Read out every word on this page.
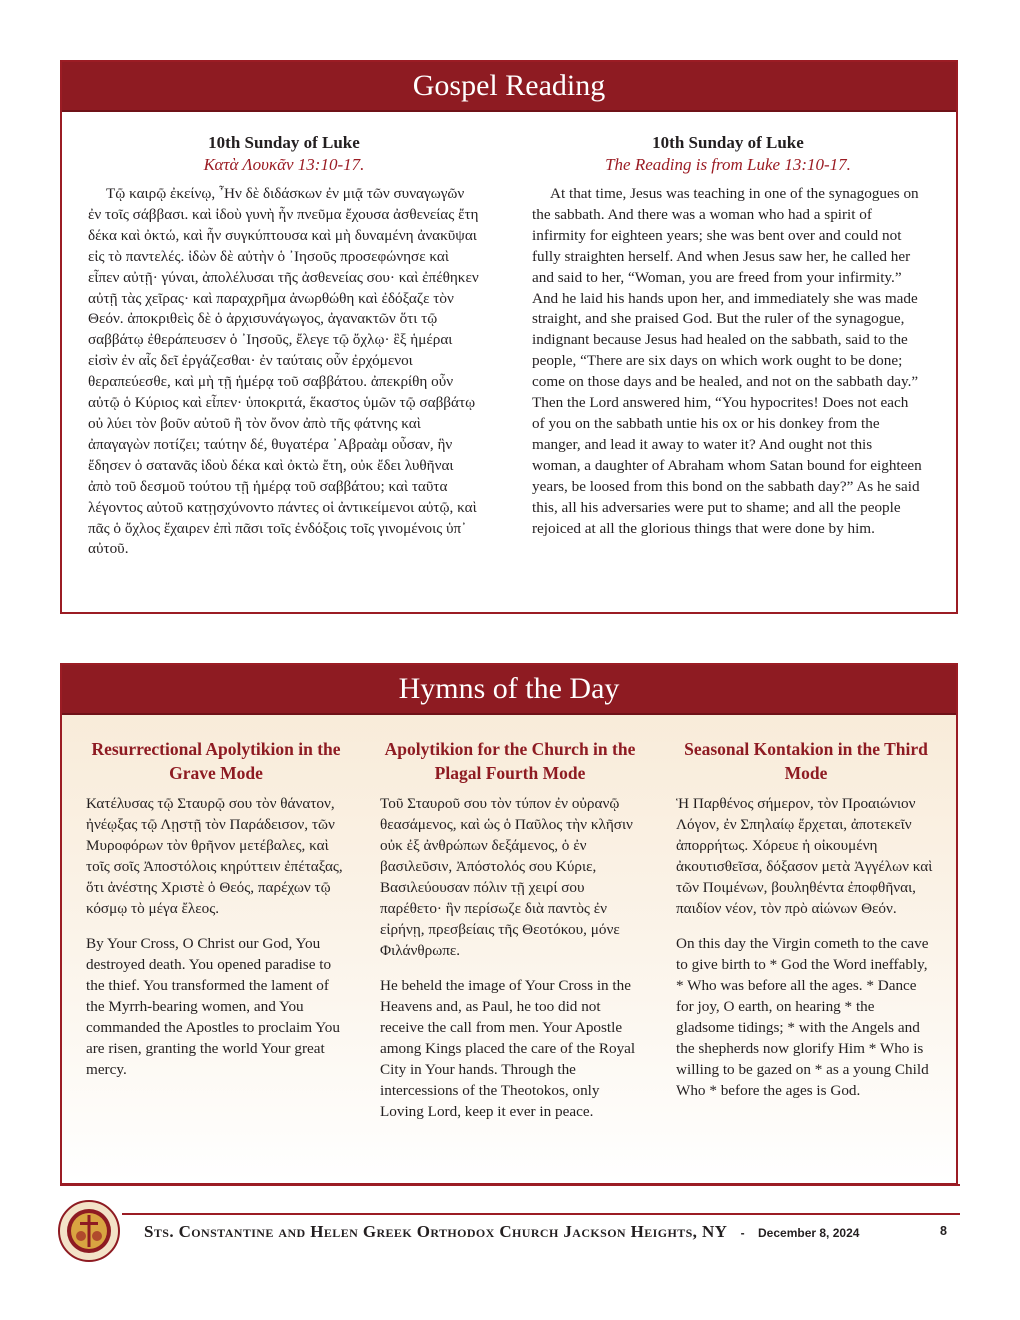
Gospel Reading
10th Sunday of Luke
Κατὰ Λουκᾶν 13:10-17.

Τῷ καιρῷ ἐκείνῳ, ῏Ην δὲ διδάσκων ἐν μιᾷ τῶν συναγωγῶν ἐν τοῖς σάββασι. καὶ ἰδοὺ γυνὴ ἦν πνεῦμα ἔχουσα ἀσθενείας ἔτη δέκα καὶ ὀκτώ, καὶ ἦν συγκύπτουσα καὶ μὴ δυναμένη ἀνακῦψαι εἰς τὸ παντελές. ἰδὼν δὲ αὐτὴν ὁ ᾿Ιησοῦς προσεφώνησε καὶ εἶπεν αὐτῇ· γύναι, ἀπολέλυσαι τῆς ἀσθενείας σου· καὶ ἐπέθηκεν αὐτῇ τὰς χεῖρας· καὶ παραχρῆμα ἀνωρθώθη καὶ ἐδόξαζε τὸν Θεόν. ἀποκριθεὶς δὲ ὁ ἀρχισυνάγωγος, ἀγανακτῶν ὅτι τῷ σαββάτῳ ἐθεράπευσεν ὁ ᾿Ιησοῦς, ἔλεγε τῷ ὄχλῳ· ἓξ ἡμέραι εἰσὶν ἐν αἷς δεῖ ἐργάζεσθαι· ἐν ταύταις οὖν ἐρχόμενοι θεραπεύεσθε, καὶ μὴ τῇ ἡμέρᾳ τοῦ σαββάτου. ἀπεκρίθη οὖν αὐτῷ ὁ Κύριος καὶ εἶπεν· ὑποκριτά, ἕκαστος ὑμῶν τῷ σαββάτῳ οὐ λύει τὸν βοῦν αὐτοῦ ἢ τὸν ὄνον ἀπὸ τῆς φάτνης καὶ ἀπαγαγὼν ποτίζει; ταύτην δέ, θυγατέρα ᾿Αβραὰμ οὖσαν, ἣν ἔδησεν ὁ σατανᾶς ἰδοὺ δέκα καὶ ὀκτὼ ἔτη, οὐκ ἔδει λυθῆναι ἀπὸ τοῦ δεσμοῦ τούτου τῇ ἡμέρᾳ τοῦ σαββάτου; καὶ ταῦτα λέγοντος αὐτοῦ κατῃσχύνοντο πάντες οἱ ἀντικείμενοι αὐτῷ, καὶ πᾶς ὁ ὄχλος ἔχαιρεν ἐπὶ πᾶσι τοῖς ἐνδόξοις τοῖς γινομένοις ὑπ᾿ αὐτοῦ.

10th Sunday of Luke
The Reading is from Luke 13:10-17.

At that time, Jesus was teaching in one of the synagogues on the sabbath. And there was a woman who had a spirit of infirmity for eighteen years; she was bent over and could not fully straighten herself. And when Jesus saw her, he called her and said to her, “Woman, you are freed from your infirmity.” And he laid his hands upon her, and immediately she was made straight, and she praised God. But the ruler of the synagogue, indignant because Jesus had healed on the sabbath, said to the people, “There are six days on which work ought to be done; come on those days and be healed, and not on the sabbath day.” Then the Lord answered him, “You hypocrites! Does not each of you on the sabbath untie his ox or his donkey from the manger, and lead it away to water it? And ought not this woman, a daughter of Abraham whom Satan bound for eighteen years, be loosed from this bond on the sabbath day?” As he said this, all his adversaries were put to shame; and all the people rejoiced at all the glorious things that were done by him.

Hymns of the Day
Resurrectional Apolytikion in the Grave Mode

Κατέλυσας τῷ Σταυρῷ σου τὸν θάνατον, ἠνέῳξας τῷ Λῃστῇ τὸν Παράδεισον, τῶν Μυροφόρων τὸν θρῆνον μετέβαλες, καὶ τοῖς σοῖς Ἀποστόλοις κηρύττειν ἐπέταξας, ὅτι ἀνέστης Χριστὲ ὁ Θεός, παρέχων τῷ κόσμῳ τὸ μέγα ἔλεος.

By Your Cross, O Christ our God, You destroyed death. You opened paradise to the thief. You transformed the lament of the Myrrh-bearing women, and You commanded the Apostles to proclaim You are risen, granting the world Your great mercy.

Apolytikion for the Church in the Plagal Fourth Mode

Τοῦ Σταυροῦ σου τὸν τύπον ἐν οὐρανῷ θεασάμενος, καὶ ὡς ὁ Παῦλος τὴν κλῆσιν οὐκ ἐξ ἀνθρώπων δεξάμενος, ὁ ἐν βασιλεῦσιν, Ἀπόστολός σου Κύριε, Βασιλεύουσαν πόλιν τῇ χειρί σου παρέθετο· ἣν περίσωζε διὰ παντὸς ἐν εἰρήνῃ, πρεσβείαις τῆς Θεοτόκου, μόνε Φιλάνθρωπε.

He beheld the image of Your Cross in the Heavens and, as Paul, he too did not receive the call from men. Your Apostle among Kings placed the care of the Royal City in Your hands. Through the intercessions of the Theotokos, only Loving Lord, keep it ever in peace.

Seasonal Kontakion in the Third Mode

Ἡ Παρθένος σήμερον, τὸν Προαιώνιον Λόγον, ἐν Σπηλαίῳ ἔρχεται, ἀποτεκεῖν ἀπορρήτως. Χόρευε ἡ οἰκουμένη ἀκουτισθεῖσα, δόξασον μετὰ Ἀγγέλων καὶ τῶν Ποιμένων, βουληθέντα ἐποφθῆναι, παιδίον νέον, τὸν πρὸ αἰώνων Θεόν.

On this day the Virgin cometh to the cave to give birth to * God the Word ineffably, * Who was before all the ages. * Dance for joy, O earth, on hearing * the gladsome tidings; * with the Angels and the shepherds now glorify Him * Who is willing to be gazed on * as a young Child Who * before the ages is God.

Sts. Constantine and Helen Greek Orthodox Church Jackson Heights, NY - December 8, 2024	8
